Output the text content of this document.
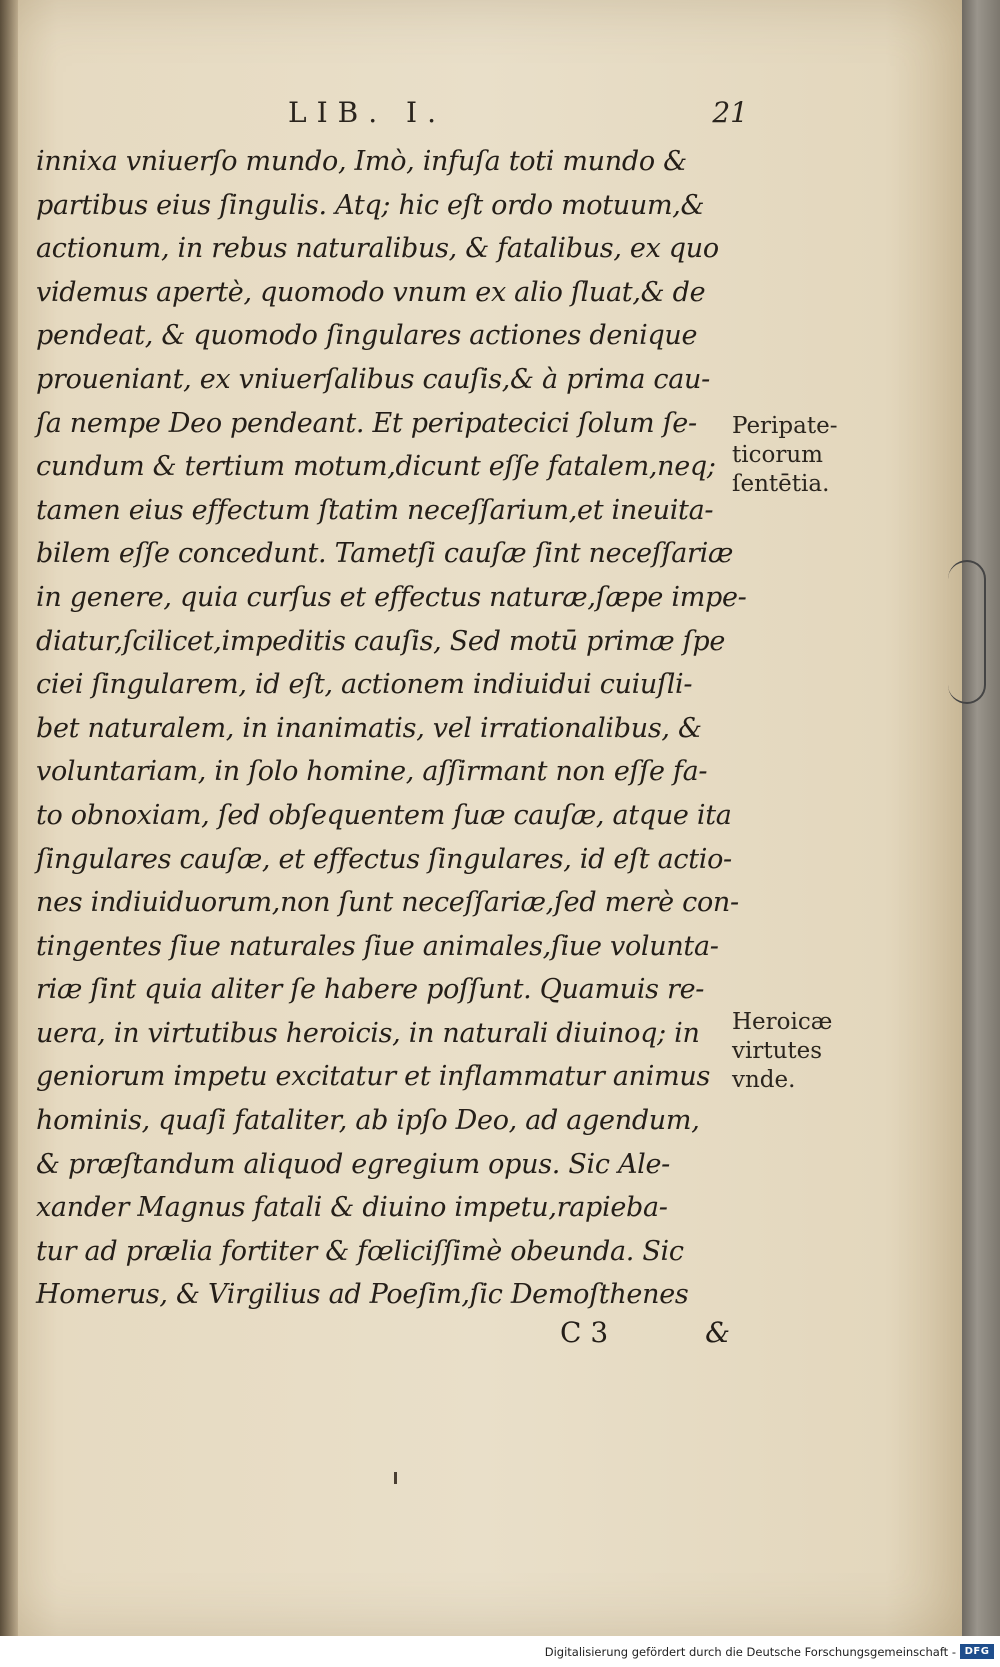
LIB. I.	21
innixa vniuerſo mundo, Imò, infuſa toti mundo &
partibus eius ſingulis. Atq; hic eſt ordo motuum,&
actionum, in rebus naturalibus, & fatalibus, ex quo
videmus apertè, quomodo vnum ex alio ſluat,& de
pendeat, & quomodo ſingulares actiones denique
proueniant, ex vniuerſalibus cauſis,& à prima cau-
ſa nempe Deo pendeant. Et peripatecici ſolum ſe-
cundum & tertium motum,dicunt eſſe fatalem,neq;
tamen eius effectum ſtatim neceſſarium,et ineuita-
bilem eſſe concedunt. Tametſi cauſæ ſint neceſſariæ
in genere, quia curſus et effectus naturæ,ſæpe impe-
diatur,ſcilicet,impeditis cauſis, Sed motū primæ ſpe
ciei ſingularem, id eſt, actionem indiuidui cuiuſli-
bet naturalem, in inanimatis, vel irrationalibus, &
voluntariam, in ſolo homine, aſſirmant non eſſe fa-
to obnoxiam, ſed obſequentem ſuæ cauſæ, atque ita
ſingulares cauſæ, et effectus ſingulares, id eſt actio-
nes indiuiduorum,non ſunt neceſſariæ,ſed merè con-
tingentes ſiue naturales ſiue animales,ſiue volunta-
riæ ſint quia aliter ſe habere poſſunt. Quamuis re-
uera, in virtutibus heroicis, in naturali diuinoq; in
geniorum impetu excitatur et inflammatur animus
hominis, quaſi fataliter, ab ipſo Deo, ad agendum,
& præſtandum aliquod egregium opus. Sic Ale-
xander Magnus fatali & diuino impetu,rapieba-
tur ad prælia fortiter & fœliciſſimè obeunda. Sic
Homerus, & Virgilius ad Poeſim,ſic Demoſthenes
Peripate-
ticorum
ſentētia.
Heroicæ
virtutes
vnde.
C 3	&
Digitalisierung gefördert durch die Deutsche Forschungsgemeinschaft - DFG
